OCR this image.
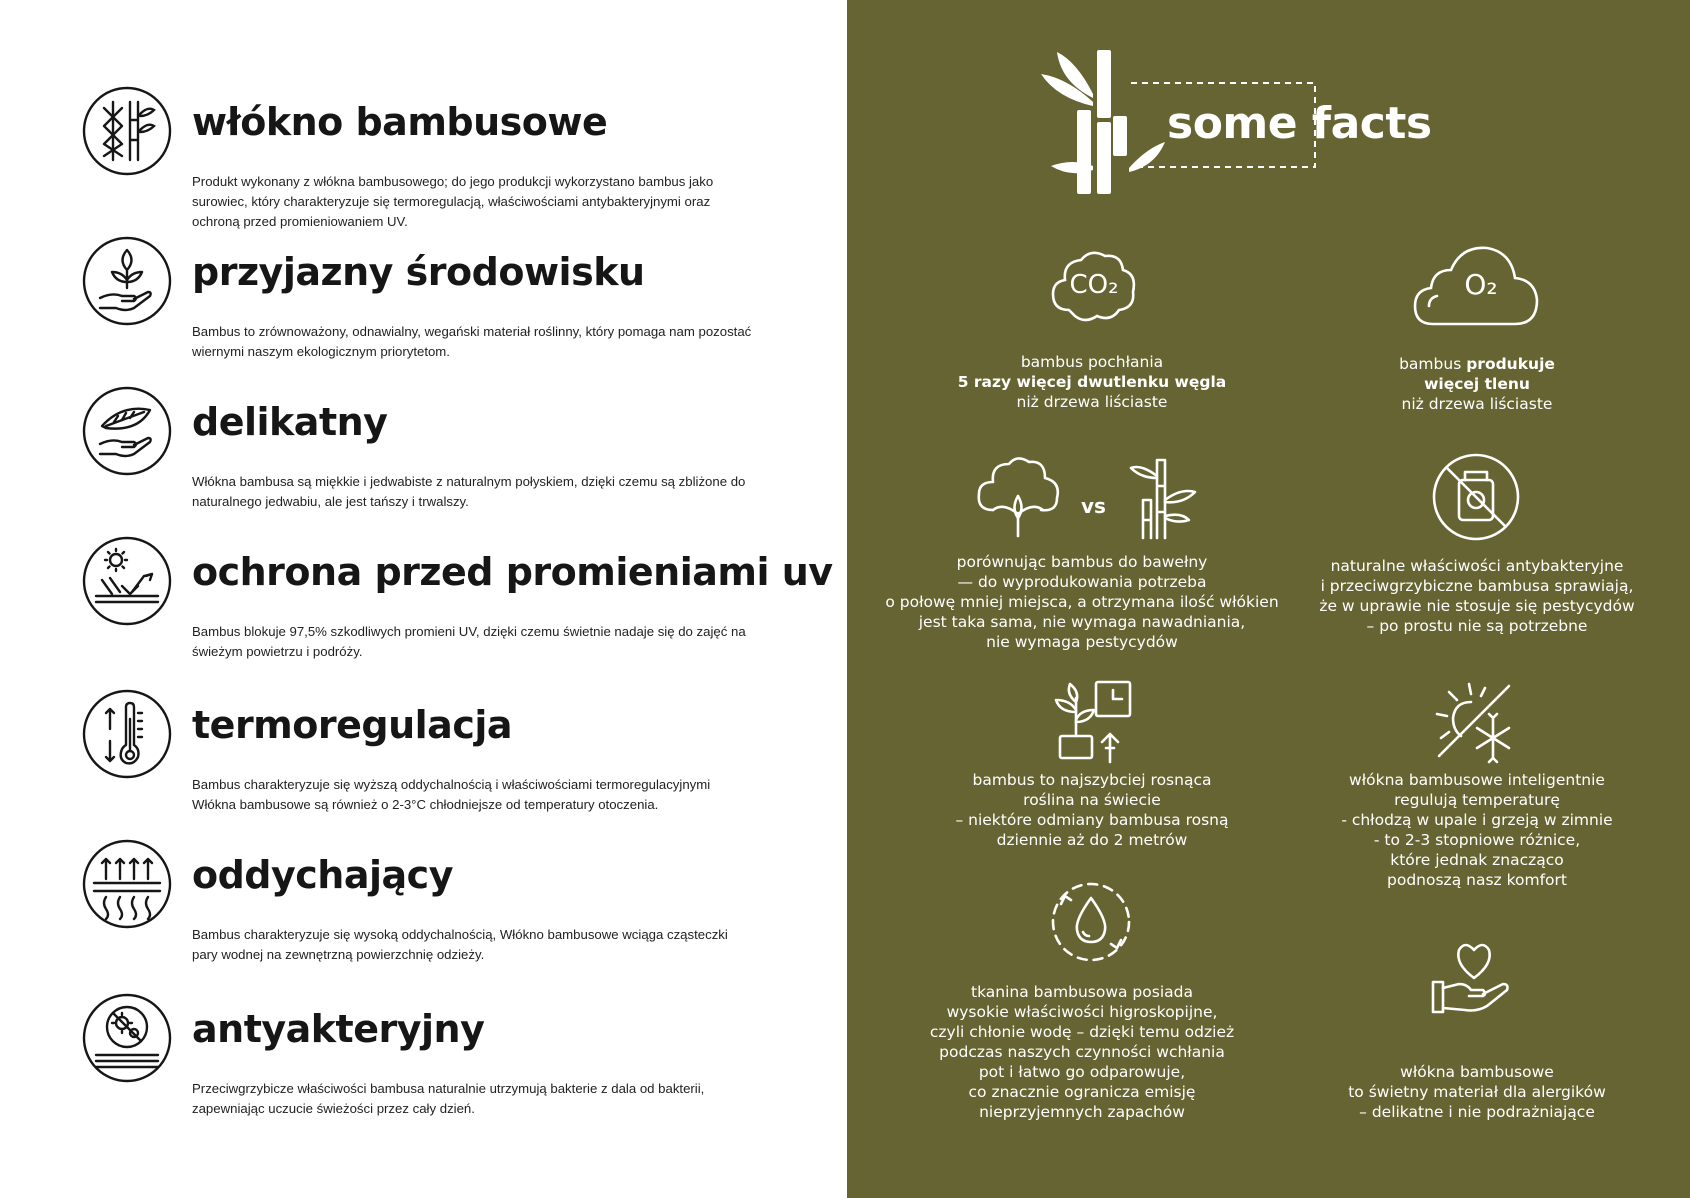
włókno bambusowe

Produkt wykonany z włókna bambusowego; do jego produkcji wykorzystano bambus jako surowiec, który charakteryzuje się termoregulacją, właściwościami antybakteryjnymi oraz ochroną przed promieniowaniem UV.

przyjazny środowisku

Bambus to zrównoważony, odnawialny, wegański materiał roślinny, który pomaga nam pozostać wiernymi naszym ekologicznym priorytetom.

delikatny

Włókna bambusa są miękkie i jedwabiste z naturalnym połyskiem, dzięki czemu są zbliżone do naturalnego jedwabiu, ale jest tańszy i trwalszy.

ochrona przed promieniami uv

Bambus blokuje 97,5% szkodliwych promieni UV, dzięki czemu świetnie nadaje się do zajęć na świeżym powietrzu i podróży.

termoregulacja

Bambus charakteryzuje się wyższą oddychalnością i właściwościami termoregulacyjnymi Włókna bambusowe są również o 2-3°C chłodniejsze od temperatury otoczenia.

oddychający

Bambus charakteryzuje się wysoką oddychalnością, Włókno bambusowe wciąga cząsteczki pary wodnej na zewnętrzną powierzchnię odzieży.

antyakteryjny

Przeciwgrzybicze właściwości bambusa naturalnie utrzymują bakterie z dala od bakterii, zapewniając uczucie świeżości przez cały dzień.

some facts
CO₂
bambus pochłania
5 razy więcej dwutlenku węgla
niż drzewa liściaste
O₂
bambus produkuje
więcej tlenu
niż drzewa liściaste
vs
porównując bambus do bawełny
— do wyprodukowania potrzeba
o połowę mniej miejsca, a otrzymana ilość włókien
jest taka sama, nie wymaga nawadniania,
nie wymaga pestycydów
naturalne właściwości antybakteryjne
i przeciwgrzybiczne bambusa sprawiają,
że w uprawie nie stosuje się pestycydów
– po prostu nie są potrzebne
bambus to najszybciej rosnąca
roślina na świecie
– niektóre odmiany bambusa rosną
dziennie aż do 2 metrów
włókna bambusowe inteligentnie
regulują temperaturę
- chłodzą w upale i grzeją w zimnie
- to 2-3 stopniowe różnice,
które jednak znacząco
podnoszą nasz komfort
tkanina bambusowa posiada
wysokie właściwości higroskopijne,
czyli chłonie wodę – dzięki temu odzież
podczas naszych czynności wchłania
pot i łatwo go odparowuje,
co znacznie ogranicza emisję
nieprzyjemnych zapachów
włókna bambusowe
to świetny materiał dla alergików
– delikatne i nie podrażniające
